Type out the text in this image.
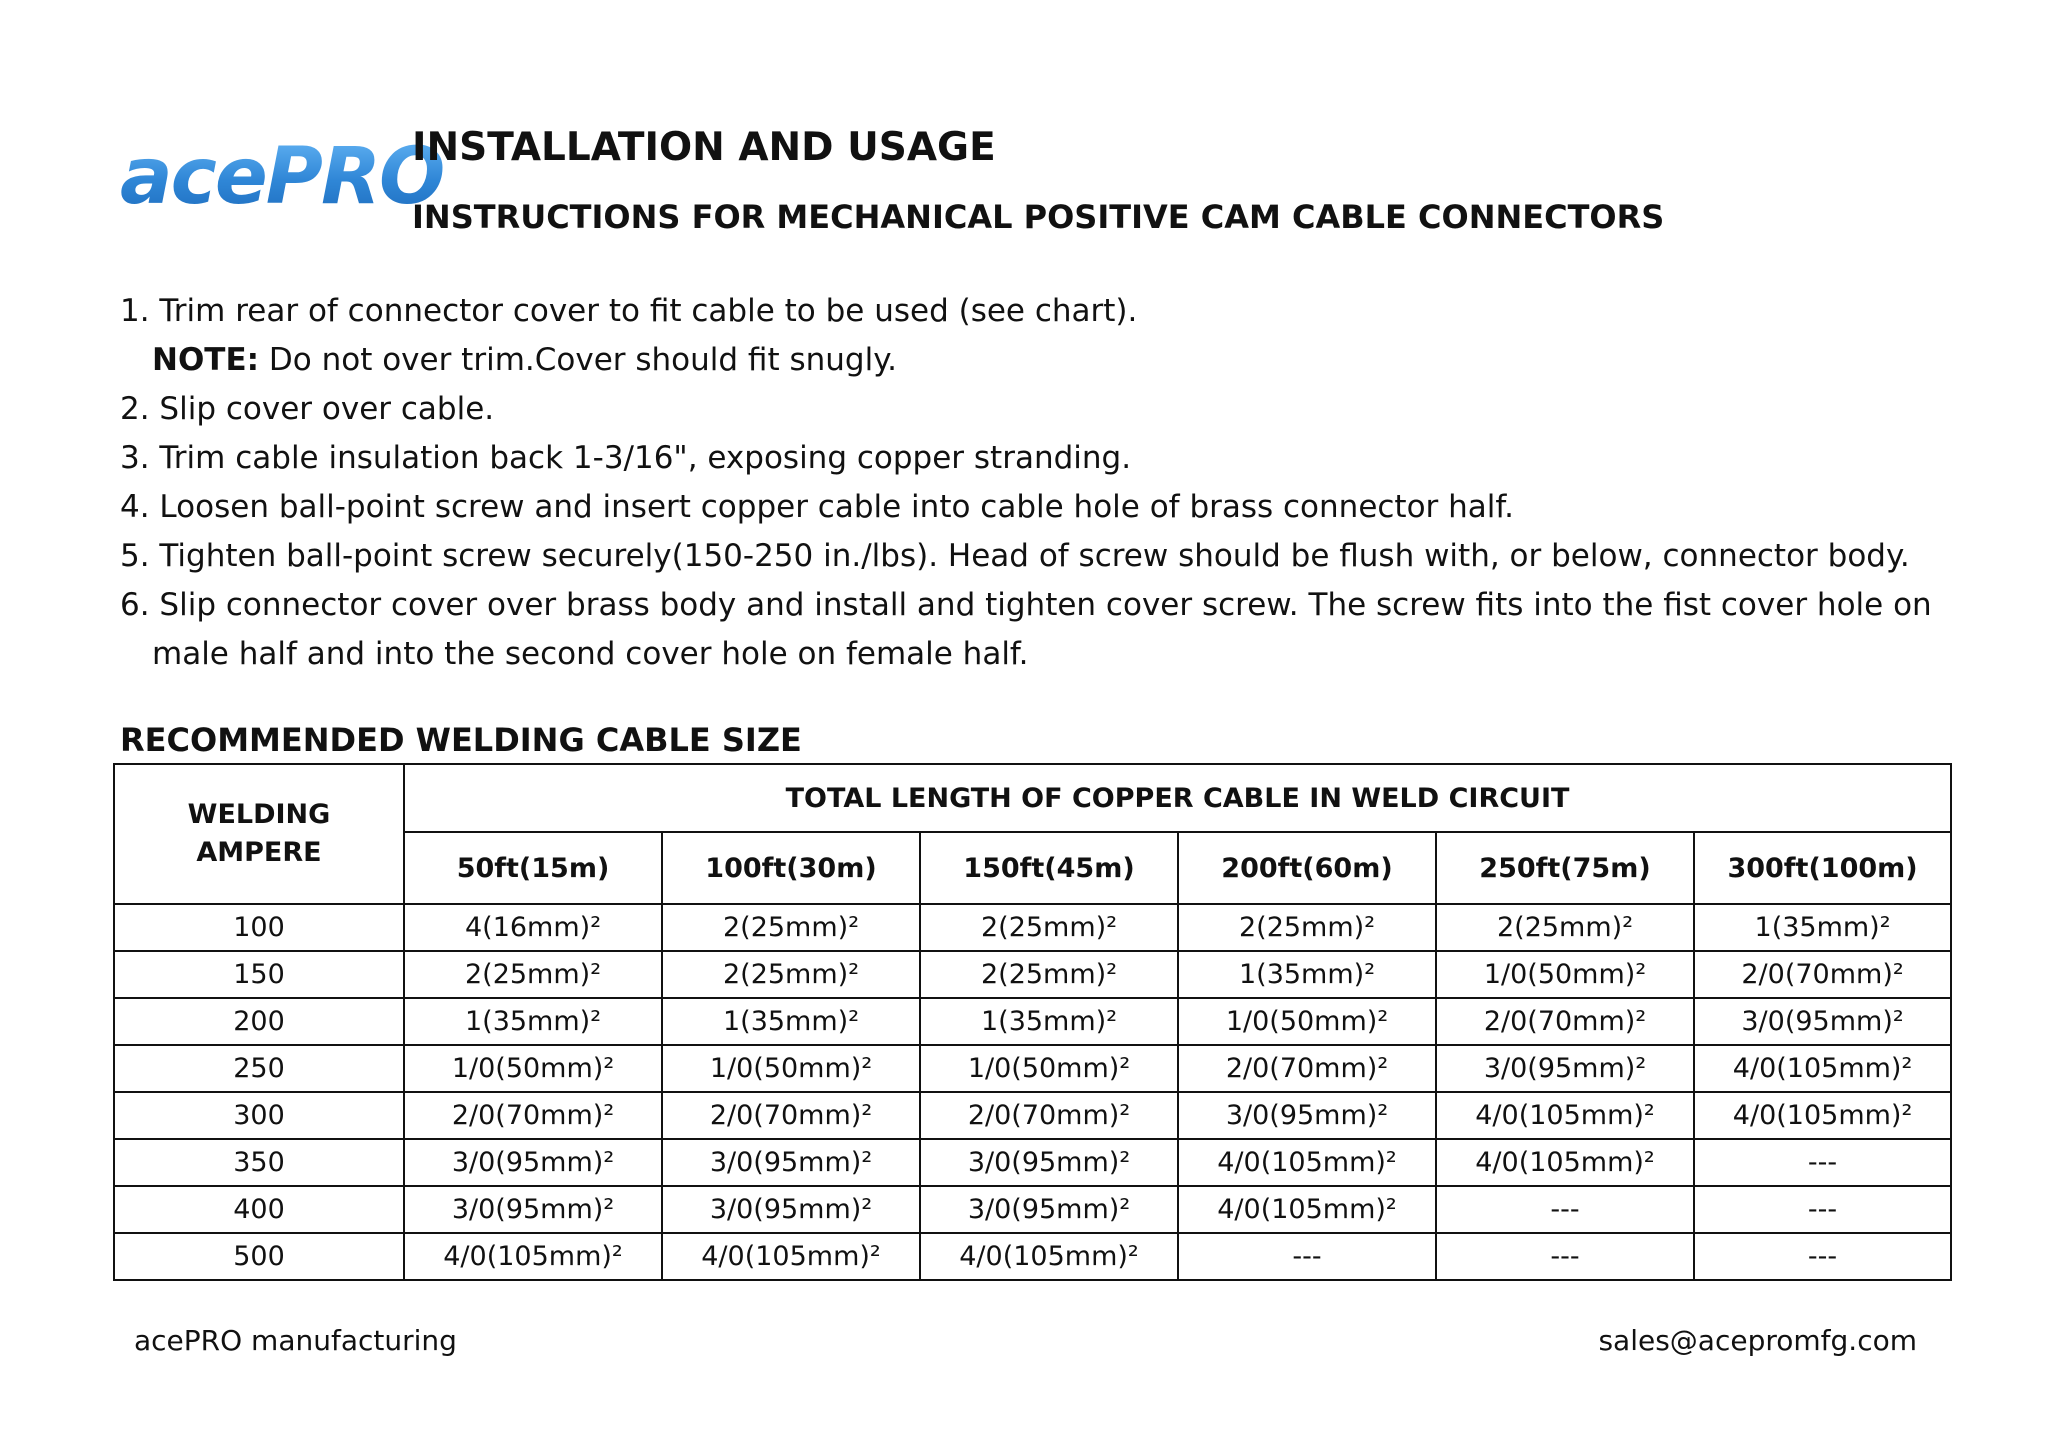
acePRO
INSTALLATION AND USAGE
INSTRUCTIONS FOR MECHANICAL POSITIVE CAM CABLE CONNECTORS
1. Trim rear of connector cover to fit cable to be used (see chart).
NOTE: Do not over trim.Cover should fit snugly.
2. Slip cover over cable.
3. Trim cable insulation back 1-3/16", exposing copper stranding.
4. Loosen ball-point screw and insert copper cable into cable hole of brass connector half.
5. Tighten ball-point screw securely(150-250 in./lbs). Head of screw should be flush with, or below, connector body.
6. Slip connector cover over brass body and install and tighten cover screw. The screw fits into the fist cover hole on
male half and into the second cover hole on female half.
RECOMMENDED WELDING CABLE SIZE
WELDING
AMPERE	TOTAL LENGTH OF COPPER CABLE IN WELD CIRCUIT					
	50ft(15m)	100ft(30m)	150ft(45m)	200ft(60m)	250ft(75m)	300ft(100m)
100	4(16mm)²	2(25mm)²	2(25mm)²	2(25mm)²	2(25mm)²	1(35mm)²
150	2(25mm)²	2(25mm)²	2(25mm)²	1(35mm)²	1/0(50mm)²	2/0(70mm)²
200	1(35mm)²	1(35mm)²	1(35mm)²	1/0(50mm)²	2/0(70mm)²	3/0(95mm)²
250	1/0(50mm)²	1/0(50mm)²	1/0(50mm)²	2/0(70mm)²	3/0(95mm)²	4/0(105mm)²
300	2/0(70mm)²	2/0(70mm)²	2/0(70mm)²	3/0(95mm)²	4/0(105mm)²	4/0(105mm)²
350	3/0(95mm)²	3/0(95mm)²	3/0(95mm)²	4/0(105mm)²	4/0(105mm)²	---
400	3/0(95mm)²	3/0(95mm)²	3/0(95mm)²	4/0(105mm)²	---	---
500	4/0(105mm)²	4/0(105mm)²	4/0(105mm)²	---	---	---
acePRO manufacturing	sales@acepromfg.com
